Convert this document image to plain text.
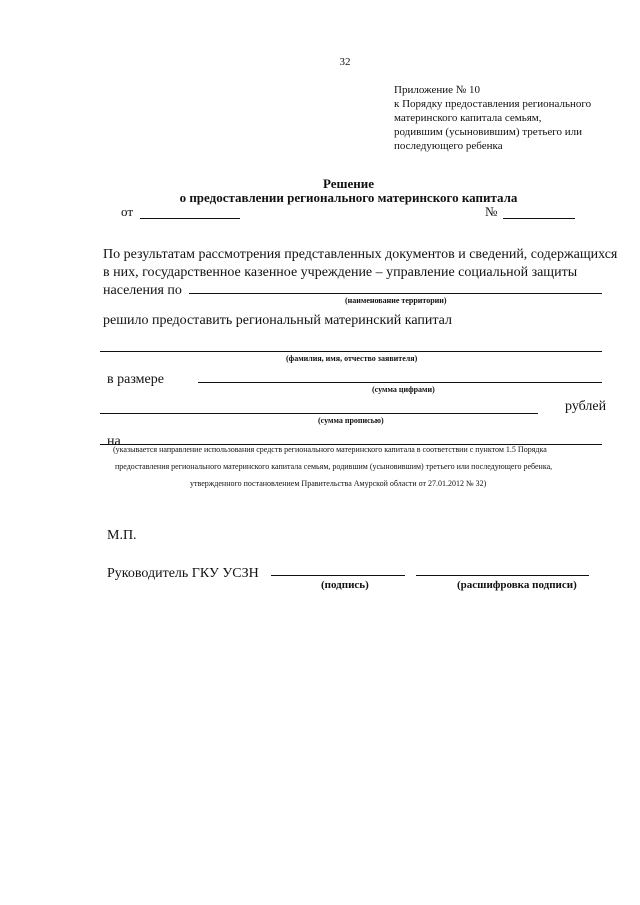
32
Приложение № 10
к Порядку предоставления регионального
материнского капитала семьям,
родившим (усыновившим) третьего или
последующего ребенка
Решение
о предоставлении регионального материнского капитала
от	№
По результатам рассмотрения представленных документов и сведений, содержащихся
в них, государственное казенное учреждение – управление социальной защиты
населения по
(наименование территории)
решило предоставить региональный материнский капитал
(фамилия, имя, отчество заявителя)
в размере
(сумма цифрами)
рублей
(сумма прописью)
на
(указывается направление использования средств регионального материнского капитала в соответствии с пунктом 1.5 Порядка
предоставления регионального материнского капитала семьям, родившим (усыновившим) третьего или последующего ребенка,
утвержденного постановлением Правительства Амурской области от 27.01.2012 № 32)
М.П.
Руководитель ГКУ УСЗН
(подпись)	(расшифровка подписи)
